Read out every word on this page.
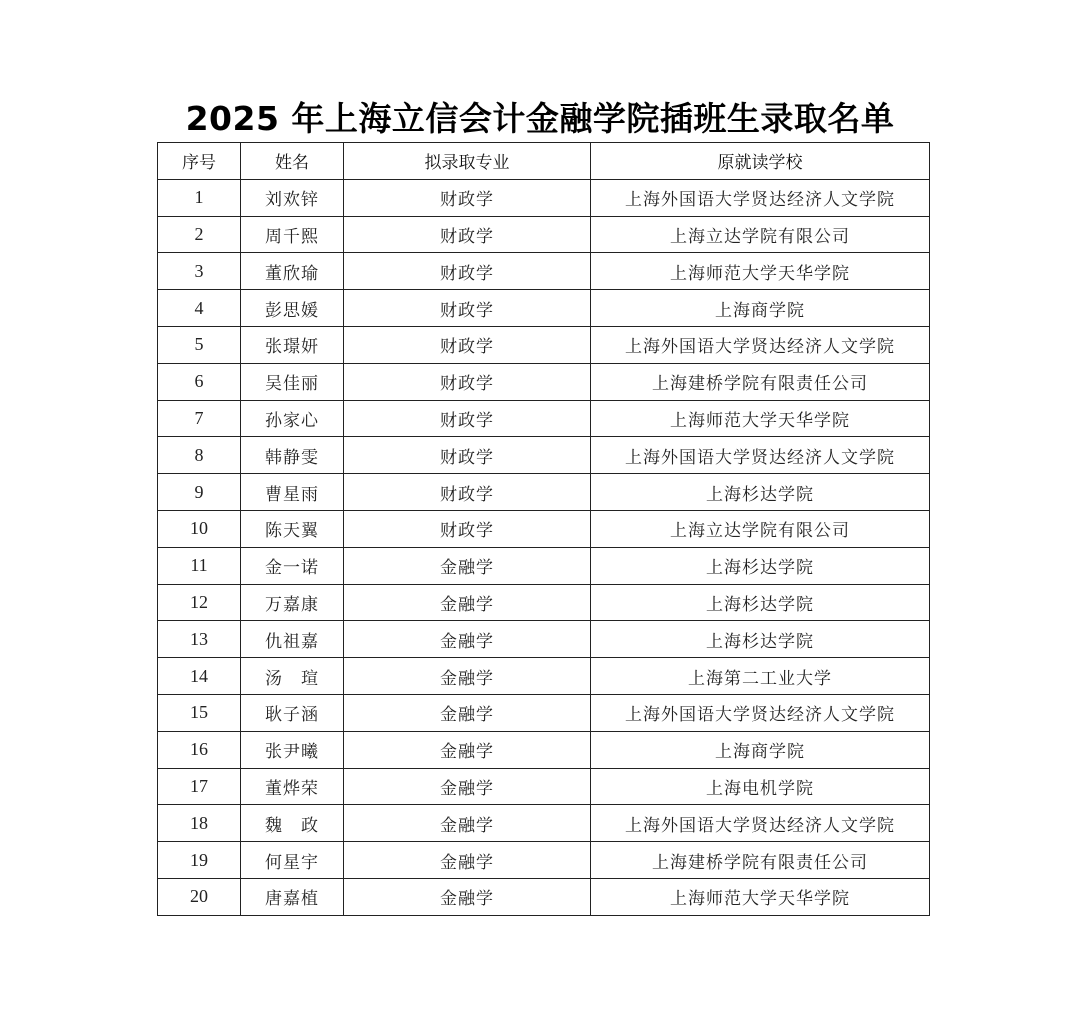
2025 年上海立信会计金融学院插班生录取名单
序号	姓名	拟录取专业	原就读学校
1	刘欢锌	财政学	上海外国语大学贤达经济人文学院
2	周千熙	财政学	上海立达学院有限公司
3	董欣瑜	财政学	上海师范大学天华学院
4	彭思媛	财政学	上海商学院
5	张璟妍	财政学	上海外国语大学贤达经济人文学院
6	吴佳丽	财政学	上海建桥学院有限责任公司
7	孙家心	财政学	上海师范大学天华学院
8	韩静雯	财政学	上海外国语大学贤达经济人文学院
9	曹星雨	财政学	上海杉达学院
10	陈天翼	财政学	上海立达学院有限公司
11	金一诺	金融学	上海杉达学院
12	万嘉康	金融学	上海杉达学院
13	仇祖嘉	金融学	上海杉达学院
14	汤　瑄	金融学	上海第二工业大学
15	耿子涵	金融学	上海外国语大学贤达经济人文学院
16	张尹曦	金融学	上海商学院
17	董烨荣	金融学	上海电机学院
18	魏　政	金融学	上海外国语大学贤达经济人文学院
19	何星宇	金融学	上海建桥学院有限责任公司
20	唐嘉植	金融学	上海师范大学天华学院
